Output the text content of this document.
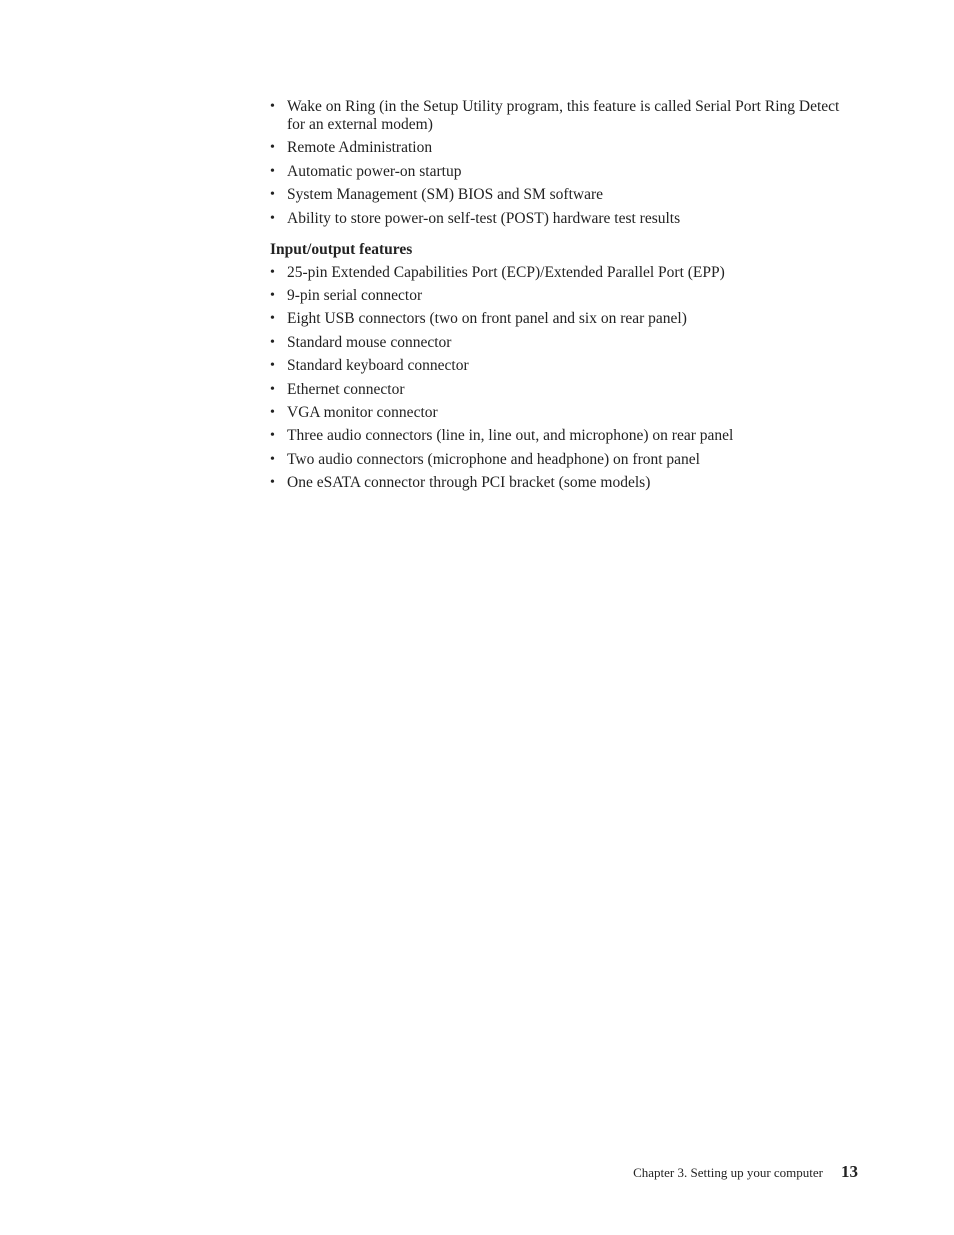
• Wake on Ring (in the Setup Utility program, this feature is called Serial Port Ring Detect for an external modem)
• Remote Administration
• Automatic power-on startup
• System Management (SM) BIOS and SM software
• Ability to store power-on self-test (POST) hardware test results
Input/output features
• 25-pin Extended Capabilities Port (ECP)/Extended Parallel Port (EPP)
• 9-pin serial connector
• Eight USB connectors (two on front panel and six on rear panel)
• Standard mouse connector
• Standard keyboard connector
• Ethernet connector
• VGA monitor connector
• Three audio connectors (line in, line out, and microphone) on rear panel
• Two audio connectors (microphone and headphone) on front panel
• One eSATA connector through PCI bracket (some models)
Chapter 3. Setting up your computer 13
